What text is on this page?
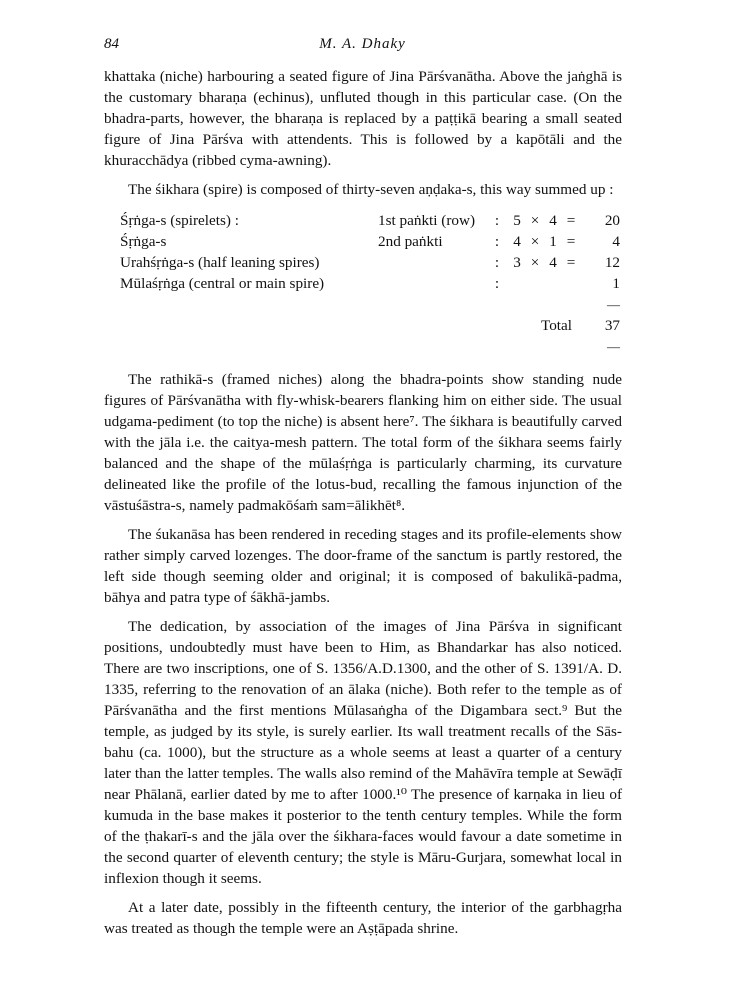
84	M. A. Dhaky

khattaka (niche) harbouring a seated figure of Jina Pārśvanātha. Above the jaṅghā is the customary bharaṇa (echinus), unfluted though in this particular case. (On the bhadra-parts, however, the bharaṇa is replaced by a paṭṭikā bearing a small seated figure of Jina Pārśva with attendents. This is followed by a kapōtāli and the khuracchādya (ribbed cyma-awning).

The śikhara (spire) is composed of thirty-seven aṇḍaka-s, this way summed up :

Śṛṅga-s (spirelets) :	1st paṅkti (row)	:	5	×	4	=	20
Śṛṅga-s	2nd paṅkti	:	4	×	1	=	4
Urahśṛṅga-s (half leaning spires)		:	3	×	4	=	12
Mūlaśṛṅga (central or main spire)		:					1
							—
Total							37
							—

The rathikā-s (framed niches) along the bhadra-points show standing nude figures of Pārśvanātha with fly-whisk-bearers flanking him on either side. The usual udgama-pediment (to top the niche) is absent here⁷. The śikhara is beautifully carved with the jāla i.e. the caitya-mesh pattern. The total form of the śikhara seems fairly balanced and the shape of the mūlaśṛṅga is particularly charming, its curvature delineated like the profile of the lotus-bud, recalling the famous injunction of the vāstuśāstra-s, namely padmakōśaṁ sam=ālikhēt⁸.

The śukanāsa has been rendered in receding stages and its profile-elements show rather simply carved lozenges. The door-frame of the sanctum is partly restored, the left side though seeming older and original; it is composed of bakulikā-padma, bāhya and patra type of śākhā-jambs.

The dedication, by association of the images of Jina Pārśva in significant positions, undoubtedly must have been to Him, as Bhandarkar has also noticed. There are two inscriptions, one of S. 1356/A.D.1300, and the other of S. 1391/A. D. 1335, referring to the renovation of an ālaka (niche). Both refer to the temple as of Pārśvanātha and the first mentions Mūlasaṅgha of the Digambara sect.⁹ But the temple, as judged by its style, is surely earlier. Its wall treatment recalls of the Sās-bahu (ca. 1000), but the structure as a whole seems at least a quarter of a century later than the latter temples. The walls also remind of the Mahāvīra temple at Sewāḍī near Phālanā, earlier dated by me to after 1000.¹⁰ The presence of karṇaka in lieu of kumuda in the base makes it posterior to the tenth century temples. While the form of the ṭhakarī-s and the jāla over the śikhara-faces would favour a date sometime in the second quarter of eleventh century; the style is Māru-Gurjara, somewhat local in inflexion though it seems.

At a later date, possibly in the fifteenth century, the interior of the garbhagṛha was treated as though the temple were an Aṣṭāpada shrine.
